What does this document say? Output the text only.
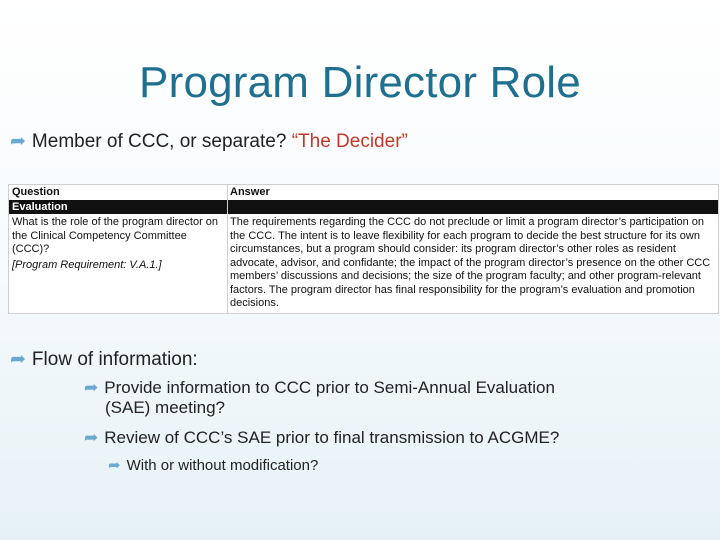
Program Director Role
➦ Member of CCC, or separate? “The Decider”
Question	Answer
Evaluation
What is the role of the program director on the Clinical Competency Committee (CCC)?
[Program Requirement: V.A.1.]
The requirements regarding the CCC do not preclude or limit a program director’s participation on the CCC. The intent is to leave flexibility for each program to decide the best structure for its own circumstances, but a program should consider: its program director’s other roles as resident advocate, advisor, and confidante; the impact of the program director’s presence on the other CCC members’ discussions and decisions; the size of the program faculty; and other program-relevant factors. The program director has final responsibility for the program’s evaluation and promotion decisions.
➦ Flow of information:
➦ Provide information to CCC prior to Semi-Annual Evaluation
(SAE) meeting?
➦ Review of CCC’s SAE prior to final transmission to ACGME?
➦ With or without modification?
